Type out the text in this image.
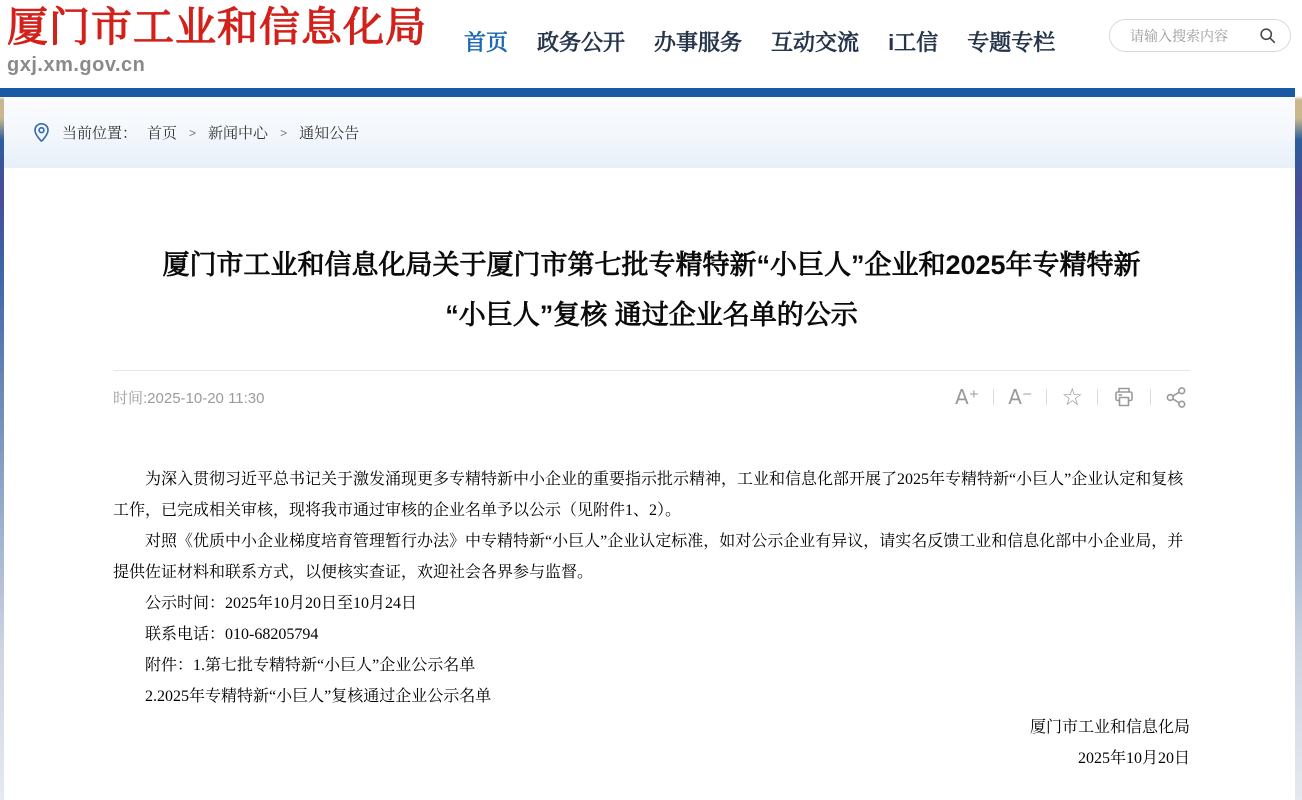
厦门市工业和信息化局
gxj.xm.gov.cn
首页 政务公开 办事服务 互动交流 i工信 专题专栏
请输入搜索内容
当前位置： 首页 > 新闻中心 > 通知公告
厦门市工业和信息化局关于厦门市第七批专精特新“小巨人”企业和2025年专精特新
“小巨人”复核 通过企业名单的公示
时间:2025-10-20 11:30	A⁺	A⁻	☆

为深入贯彻习近平总书记关于激发涌现更多专精特新中小企业的重要指示批示精神，工业和信息化部开展了2025年专精特新“小巨人”企业认定和复核工作，已完成相关审核，现将我市通过审核的企业名单予以公示（见附件1、2）。

对照《优质中小企业梯度培育管理暂行办法》中专精特新“小巨人”企业认定标准，如对公示企业有异议，请实名反馈工业和信息化部中小企业局，并提供佐证材料和联系方式，以便核实查证，欢迎社会各界参与监督。

公示时间：2025年10月20日至10月24日

联系电话：010-68205794

附件：1.第七批专精特新“小巨人”企业公示名单

2.2025年专精特新“小巨人”复核通过企业公示名单

厦门市工业和信息化局

2025年10月20日
